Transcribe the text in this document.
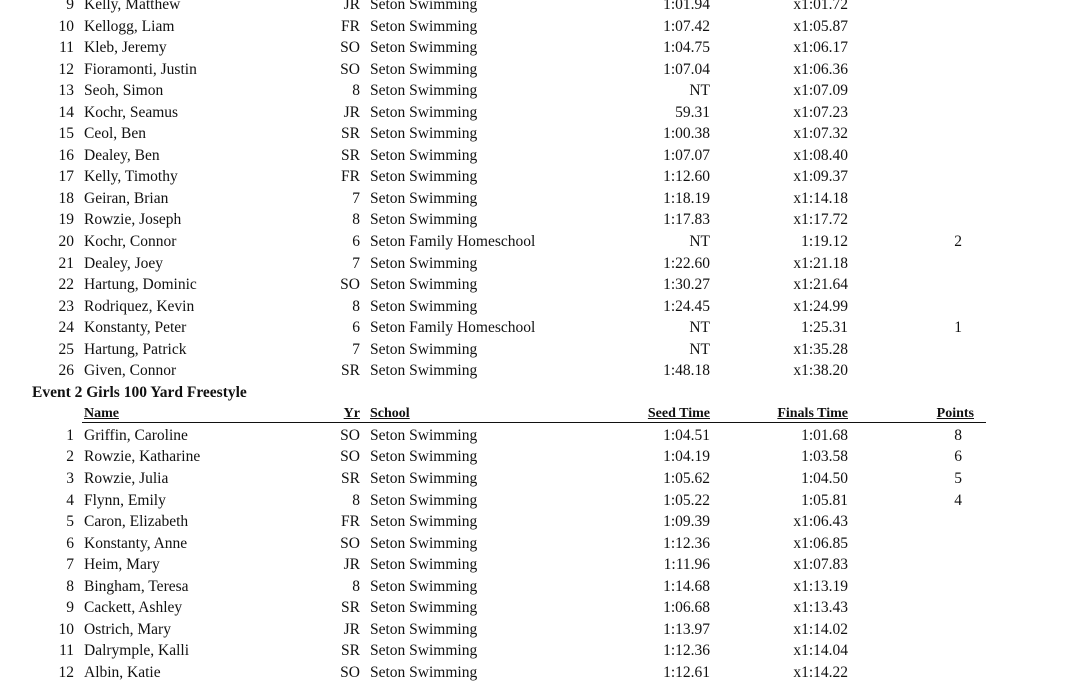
9 Kelly, Matthew	JR Seton Swimming	1:01.94	x1:01.72
10 Kellogg, Liam	FR Seton Swimming	1:07.42	x1:05.87
11 Kleb, Jeremy	SO Seton Swimming	1:04.75	x1:06.17
12 Fioramonti, Justin	SO Seton Swimming	1:07.04	x1:06.36
13 Seoh, Simon	8 Seton Swimming	NT	x1:07.09
14 Kochr, Seamus	JR Seton Swimming	59.31	x1:07.23
15 Ceol, Ben	SR Seton Swimming	1:00.38	x1:07.32
16 Dealey, Ben	SR Seton Swimming	1:07.07	x1:08.40
17 Kelly, Timothy	FR Seton Swimming	1:12.60	x1:09.37
18 Geiran, Brian	7 Seton Swimming	1:18.19	x1:14.18
19 Rowzie, Joseph	8 Seton Swimming	1:17.83	x1:17.72
20 Kochr, Connor	6 Seton Family Homeschool	NT	1:19.12	2
21 Dealey, Joey	7 Seton Swimming	1:22.60	x1:21.18
22 Hartung, Dominic	SO Seton Swimming	1:30.27	x1:21.64
23 Rodriquez, Kevin	8 Seton Swimming	1:24.45	x1:24.99
24 Konstanty, Peter	6 Seton Family Homeschool	NT	1:25.31	1
25 Hartung, Patrick	7 Seton Swimming	NT	x1:35.28
26 Given, Connor	SR Seton Swimming	1:48.18	x1:38.20
Event 2 Girls 100 Yard Freestyle
Name	Yr School	Seed Time	Finals Time	Points
1 Griffin, Caroline	SO Seton Swimming	1:04.51	1:01.68	8
2 Rowzie, Katharine	SO Seton Swimming	1:04.19	1:03.58	6
3 Rowzie, Julia	SR Seton Swimming	1:05.62	1:04.50	5
4 Flynn, Emily	8 Seton Swimming	1:05.22	1:05.81	4
5 Caron, Elizabeth	FR Seton Swimming	1:09.39	x1:06.43
6 Konstanty, Anne	SO Seton Swimming	1:12.36	x1:06.85
7 Heim, Mary	JR Seton Swimming	1:11.96	x1:07.83
8 Bingham, Teresa	8 Seton Swimming	1:14.68	x1:13.19
9 Cackett, Ashley	SR Seton Swimming	1:06.68	x1:13.43
10 Ostrich, Mary	JR Seton Swimming	1:13.97	x1:14.02
11 Dalrymple, Kalli	SR Seton Swimming	1:12.36	x1:14.04
12 Albin, Katie	SO Seton Swimming	1:12.61	x1:14.22
